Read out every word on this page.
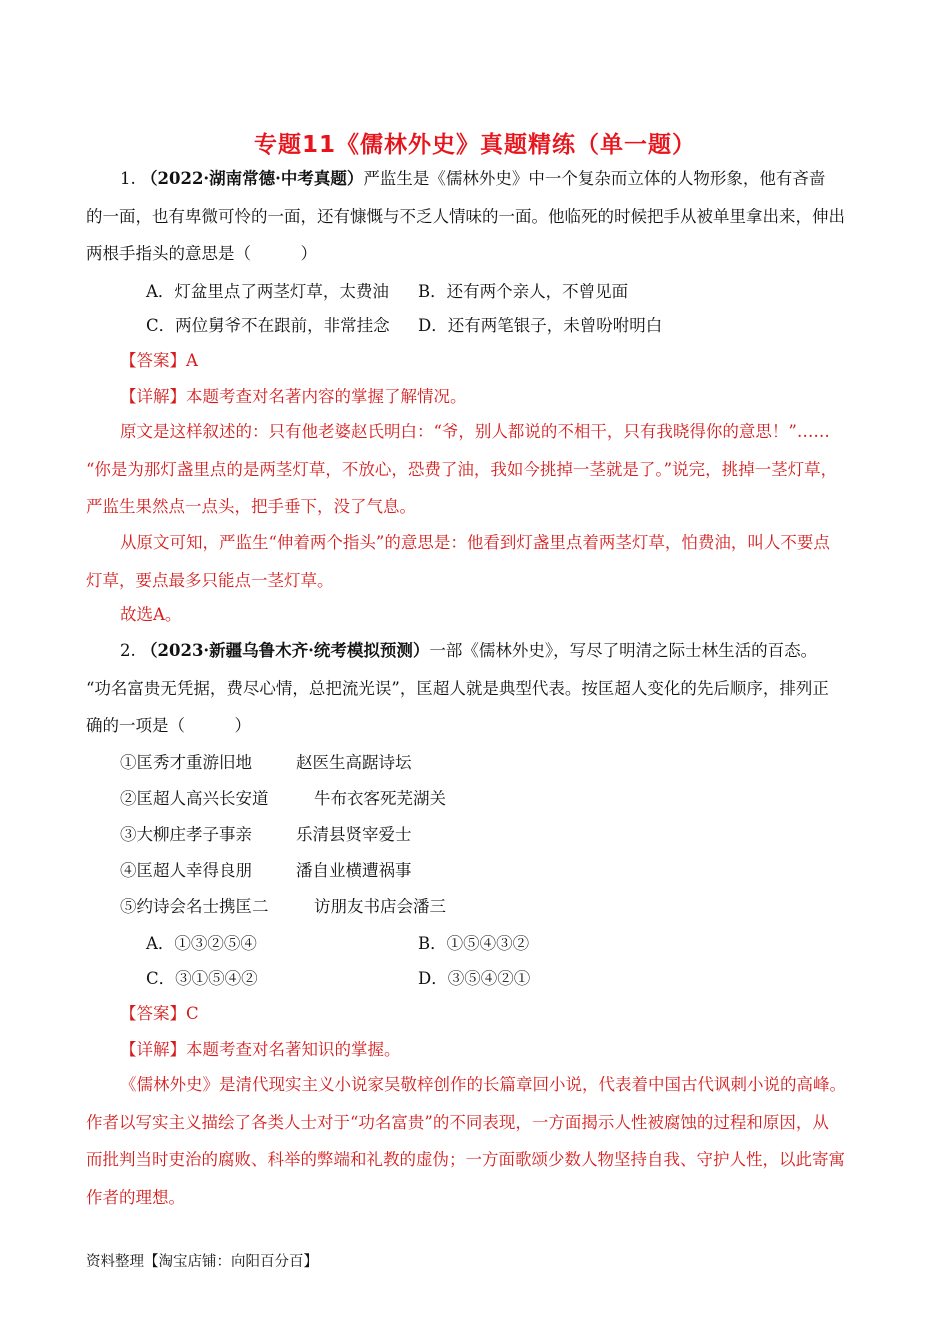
专题11《儒林外史》真题精练（单一题）
1. （2022·湖南常德·中考真题）严监生是《儒林外史》中一个复杂而立体的人物形象，他有吝啬
的一面，也有卑微可怜的一面，还有慷慨与不乏人情味的一面。他临死的时候把手从被单里拿出来，伸出
两根手指头的意思是（　　　）
A．灯盆里点了两茎灯草，太费油 B．还有两个亲人，不曾见面
C．两位舅爷不在跟前，非常挂念 D．还有两笔银子，未曾吩咐明白
【答案】A
【详解】本题考查对名著内容的掌握了解情况。
原文是这样叙述的：只有他老婆赵氏明白：“爷，别人都说的不相干，只有我晓得你的意思！”……
“你是为那灯盏里点的是两茎灯草，不放心，恐费了油，我如今挑掉一茎就是了。”说完，挑掉一茎灯草，
严监生果然点一点头，把手垂下，没了气息。
从原文可知，严监生“伸着两个指头”的意思是：他看到灯盏里点着两茎灯草，怕费油，叫人不要点
灯草，要点最多只能点一茎灯草。
故选A。
2. （2023·新疆乌鲁木齐·统考模拟预测）一部《儒林外史》，写尽了明清之际士林生活的百态。
“功名富贵无凭据，费尽心情，总把流光误”，匡超人就是典型代表。按匡超人变化的先后顺序，排列正
确的一项是（　　　）
①匡秀才重游旧地	赵医生高踞诗坛
②匡超人高兴长安道	牛布衣客死芜湖关
③大柳庄孝子事亲	乐清县贤宰爱士
④匡超人幸得良朋	潘自业横遭祸事
⑤约诗会名士携匡二	访朋友书店会潘三
A．①③②⑤④	B．①⑤④③②
C．③①⑤④②	D．③⑤④②①
【答案】C
【详解】本题考查对名著知识的掌握。
《儒林外史》是清代现实主义小说家吴敬梓创作的长篇章回小说，代表着中国古代讽刺小说的高峰。
作者以写实主义描绘了各类人士对于“功名富贵”的不同表现，一方面揭示人性被腐蚀的过程和原因，从
而批判当时吏治的腐败、科举的弊端和礼教的虚伪；一方面歌颂少数人物坚持自我、守护人性，以此寄寓
作者的理想。
资料整理【淘宝店铺：向阳百分百】
